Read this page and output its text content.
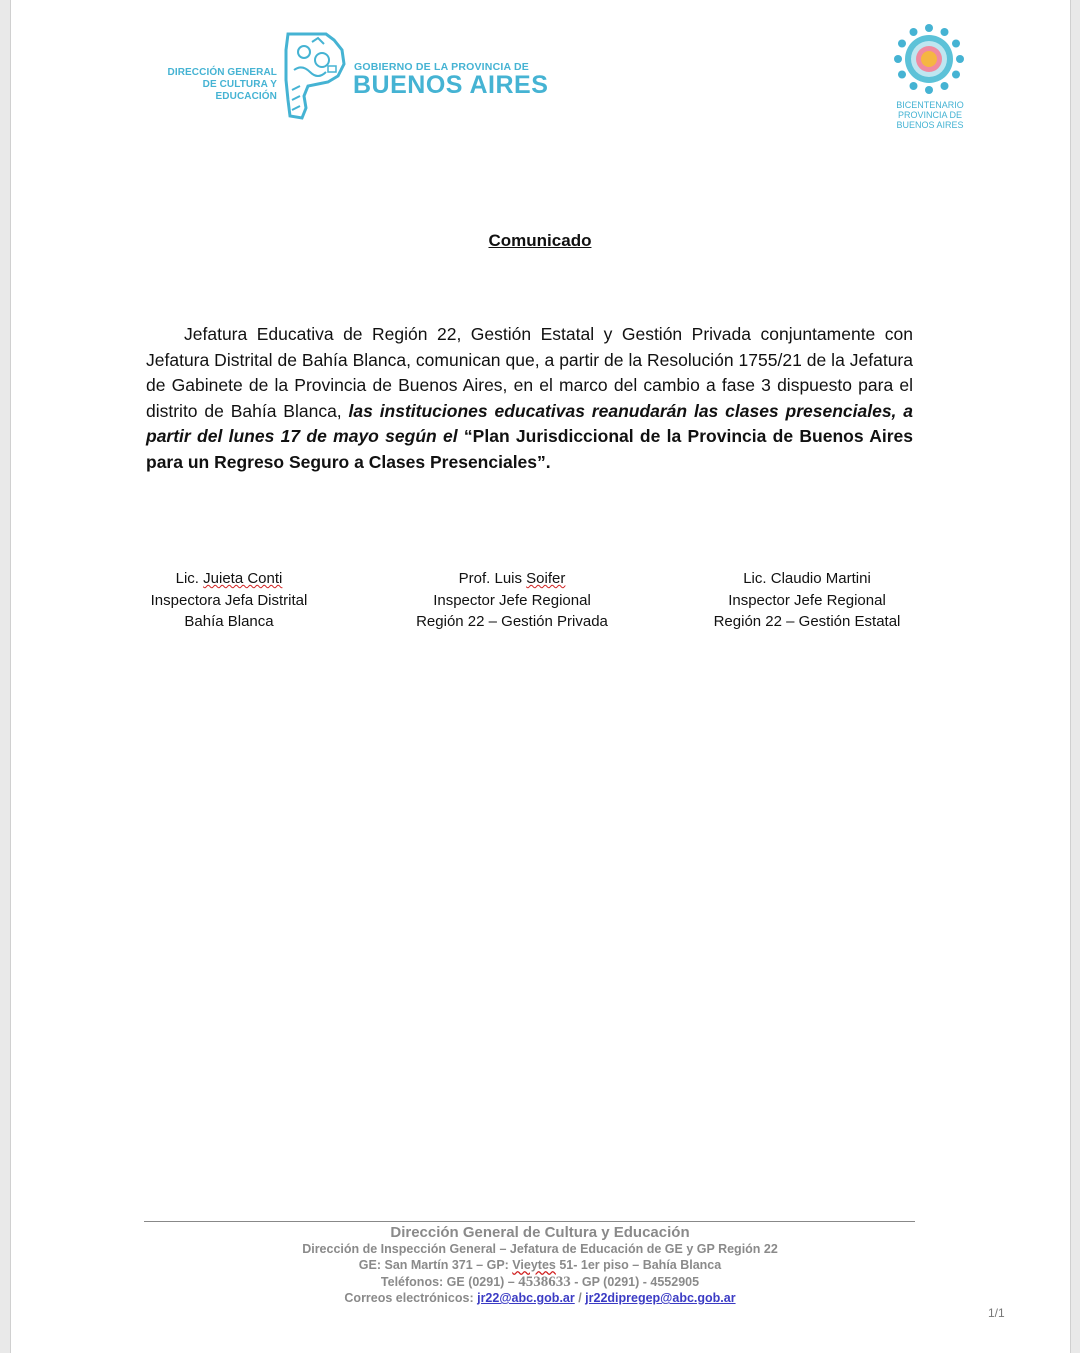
DIRECCIÓN GENERAL
DE CULTURA Y EDUCACIÓN
GOBIERNO DE LA PROVINCIA DE
BUENOS AIRES
BICENTENARIO
PROVINCIA DE
BUENOS AIRES
Comunicado
Jefatura Educativa de Región 22, Gestión Estatal y Gestión Privada conjuntamente con Jefatura Distrital de Bahía Blanca, comunican que, a partir de la Resolución 1755/21 de la Jefatura de Gabinete de la Provincia de Buenos Aires, en el marco del cambio a fase 3 dispuesto para el distrito de Bahía Blanca, las instituciones educativas reanudarán las clases presenciales, a partir del lunes 17 de mayo según el “Plan Jurisdiccional de la Provincia de Buenos Aires para un Regreso Seguro a Clases Presenciales”.
Lic. Juieta Conti
Inspectora Jefa Distrital
Bahía Blanca
Prof. Luis Soifer
Inspector Jefe Regional
Región 22 – Gestión Privada
Lic. Claudio Martini
Inspector Jefe Regional
Región 22 – Gestión Estatal
Dirección General de Cultura y Educación
Dirección de Inspección General – Jefatura de Educación de GE y GP Región 22
GE: San Martín 371 – GP: Vieytes 51- 1er piso – Bahía Blanca
Teléfonos: GE (0291) – 4538633 - GP (0291) - 4552905
Correos electrónicos: jr22@abc.gob.ar / jr22dipregep@abc.gob.ar
1/1
